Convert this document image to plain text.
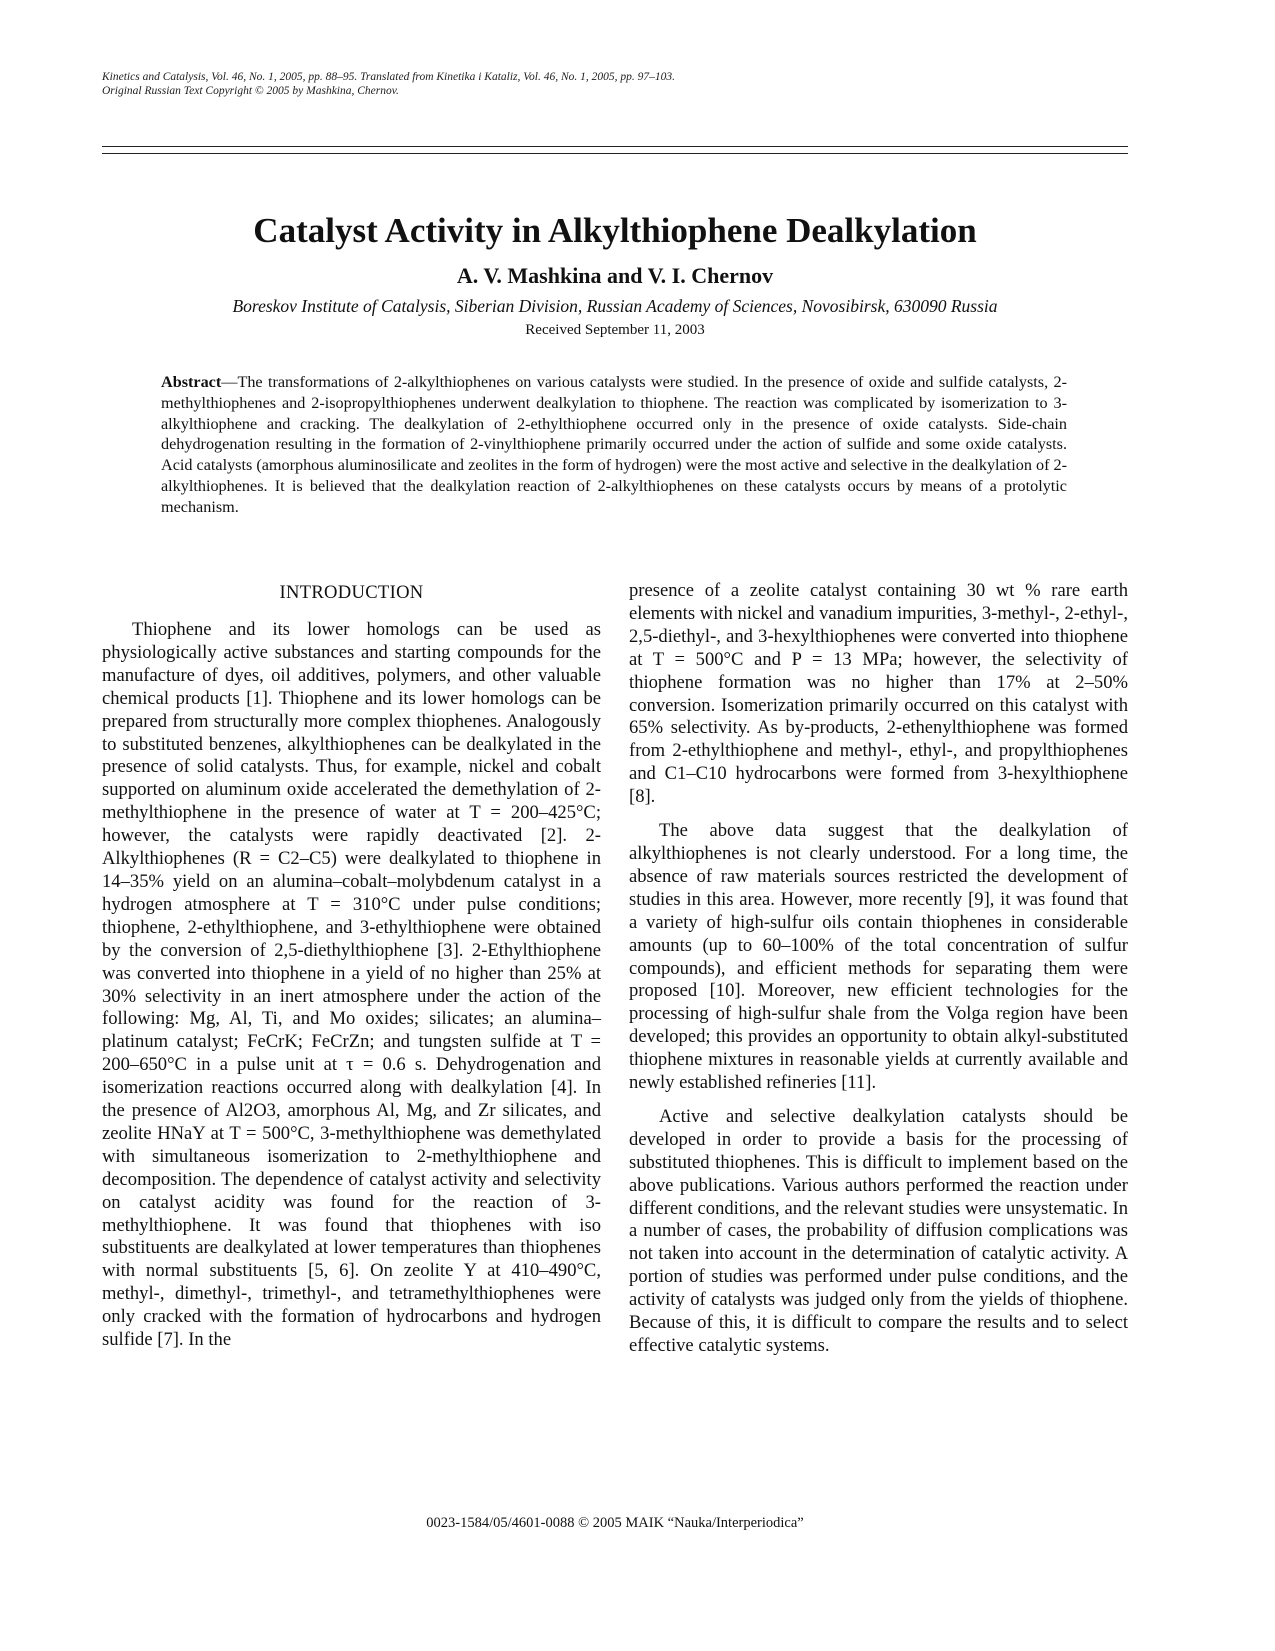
Kinetics and Catalysis, Vol. 46, No. 1, 2005, pp. 88–95. Translated from Kinetika i Kataliz, Vol. 46, No. 1, 2005, pp. 97–103.
Original Russian Text Copyright © 2005 by Mashkina, Chernov.
Catalyst Activity in Alkylthiophene Dealkylation
A. V. Mashkina and V. I. Chernov
Boreskov Institute of Catalysis, Siberian Division, Russian Academy of Sciences, Novosibirsk, 630090 Russia
Received September 11, 2003

Abstract—The transformations of 2-alkylthiophenes on various catalysts were studied. In the presence of oxide and sulfide catalysts, 2-methylthiophenes and 2-isopropylthiophenes underwent dealkylation to thiophene. The reaction was complicated by isomerization to 3-alkylthiophene and cracking. The dealkylation of 2-ethylthiophene occurred only in the presence of oxide catalysts. Side-chain dehydrogenation resulting in the formation of 2-vinylthiophene primarily occurred under the action of sulfide and some oxide catalysts. Acid catalysts (amorphous aluminosilicate and zeolites in the form of hydrogen) were the most active and selective in the dealkylation of 2-alkylthiophenes. It is believed that the dealkylation reaction of 2-alkylthiophenes on these catalysts occurs by means of a protolytic mechanism.

INTRODUCTION

Thiophene and its lower homologs can be used as physiologically active substances and starting compounds for the manufacture of dyes, oil additives, polymers, and other valuable chemical products [1]. Thiophene and its lower homologs can be prepared from structurally more complex thiophenes. Analogously to substituted benzenes, alkylthiophenes can be dealkylated in the presence of solid catalysts. Thus, for example, nickel and cobalt supported on aluminum oxide accelerated the demethylation of 2-methylthiophene in the presence of water at T = 200–425°C; however, the catalysts were rapidly deactivated [2]. 2-Alkylthiophenes (R = C2–C5) were dealkylated to thiophene in 14–35% yield on an alumina–cobalt–molybdenum catalyst in a hydrogen atmosphere at T = 310°C under pulse conditions; thiophene, 2-ethylthiophene, and 3-ethylthiophene were obtained by the conversion of 2,5-diethylthiophene [3]. 2-Ethylthiophene was converted into thiophene in a yield of no higher than 25% at 30% selectivity in an inert atmosphere under the action of the following: Mg, Al, Ti, and Mo oxides; silicates; an alumina–platinum catalyst; FeCrK; FeCrZn; and tungsten sulfide at T = 200–650°C in a pulse unit at τ = 0.6 s. Dehydrogenation and isomerization reactions occurred along with dealkylation [4]. In the presence of Al2O3, amorphous Al, Mg, and Zr silicates, and zeolite HNaY at T = 500°C, 3-methylthiophene was demethylated with simultaneous isomerization to 2-methylthiophene and decomposition. The dependence of catalyst activity and selectivity on catalyst acidity was found for the reaction of 3-methylthiophene. It was found that thiophenes with iso substituents are dealkylated at lower temperatures than thiophenes with normal substituents [5, 6]. On zeolite Y at 410–490°C, methyl-, dimethyl-, trimethyl-, and tetramethylthiophenes were only cracked with the formation of hydrocarbons and hydrogen sulfide [7]. In the

presence of a zeolite catalyst containing 30 wt % rare earth elements with nickel and vanadium impurities, 3-methyl-, 2-ethyl-, 2,5-diethyl-, and 3-hexylthiophenes were converted into thiophene at T = 500°C and P = 13 MPa; however, the selectivity of thiophene formation was no higher than 17% at 2–50% conversion. Isomerization primarily occurred on this catalyst with 65% selectivity. As by-products, 2-ethenylthiophene was formed from 2-ethylthiophene and methyl-, ethyl-, and propylthiophenes and C1–C10 hydrocarbons were formed from 3-hexylthiophene [8].

The above data suggest that the dealkylation of alkylthiophenes is not clearly understood. For a long time, the absence of raw materials sources restricted the development of studies in this area. However, more recently [9], it was found that a variety of high-sulfur oils contain thiophenes in considerable amounts (up to 60–100% of the total concentration of sulfur compounds), and efficient methods for separating them were proposed [10]. Moreover, new efficient technologies for the processing of high-sulfur shale from the Volga region have been developed; this provides an opportunity to obtain alkyl-substituted thiophene mixtures in reasonable yields at currently available and newly established refineries [11].

Active and selective dealkylation catalysts should be developed in order to provide a basis for the processing of substituted thiophenes. This is difficult to implement based on the above publications. Various authors performed the reaction under different conditions, and the relevant studies were unsystematic. In a number of cases, the probability of diffusion complications was not taken into account in the determination of catalytic activity. A portion of studies was performed under pulse conditions, and the activity of catalysts was judged only from the yields of thiophene. Because of this, it is difficult to compare the results and to select effective catalytic systems.

0023-1584/05/4601-0088 © 2005 MAIK “Nauka/Interperiodica”
